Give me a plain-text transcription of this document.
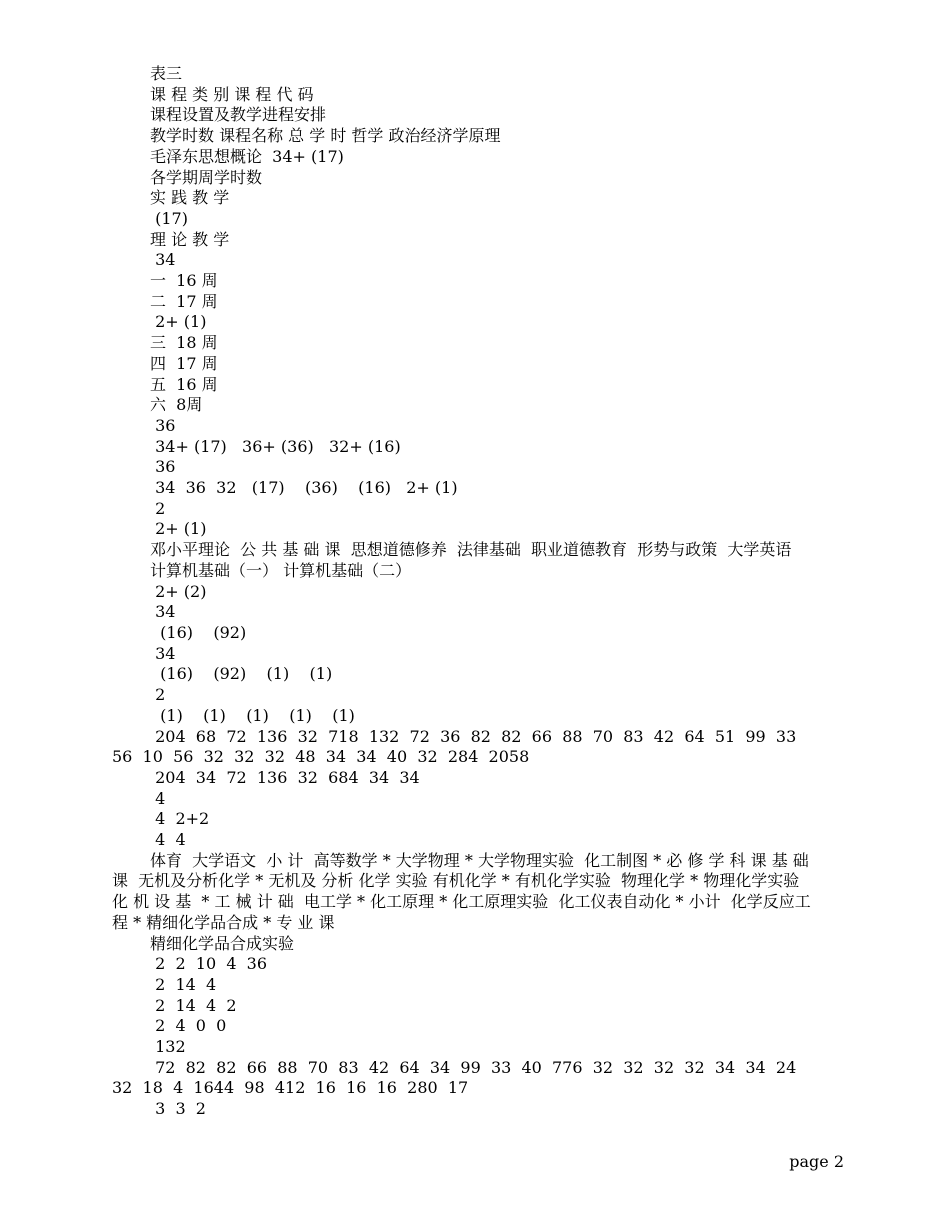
表三

课 程 类 别 课 程 代 码

课程设置及教学进程安排

教学时数 课程名称 总 学 时 哲学 政治经济学原理

毛泽东思想概论  34+ (17)

各学期周学时数

实 践 教 学

(17)

理 论 教 学

34

一  16 周

二  17 周

2+ (1)

三  18 周

四  17 周

五  16 周

六  8周

36

34+ (17)   36+ (36)   32+ (16)

36

34  36  32   (17)    (36)    (16)   2+ (1)

2

2+ (1)

邓小平理论  公 共 基 础 课  思想道德修养  法律基础  职业道德教育  形势与政策  大学英语

计算机基础（一） 计算机基础（二）

2+ (2)

34

(16)    (92)

34

(16)    (92)    (1)    (1)

2

(1)    (1)    (1)    (1)    (1)

204  68  72  136  32  718  132  72  36  82  82  66  88  70  83  42  64  51  99  33  56  10  56  32  32  32  48  34  34  40  32  284  2058

204  34  72  136  32  684  34  34

4

4  2+2

4  4

体育  大学语文  小 计  高等数学 * 大学物理 * 大学物理实验  化工制图 * 必 修 学 科 课 基 础 课  无机及分析化学 * 无机及 分析 化学 实验 有机化学 * 有机化学实验  物理化学 * 物理化学实验  化 机 设 基  * 工 械 计 础  电工学 * 化工原理 * 化工原理实验  化工仪表自动化 * 小计  化学反应工程 * 精细化学品合成 * 专 业 课

精细化学品合成实验

2  2  10  4  36

2  14  4

2  14  4  2

2  4  0  0

132

72  82  82  66  88  70  83  42  64  34  99  33  40  776  32  32  32  32  34  34  24  32  18  4  1644  98  412  16  16  16  280  17

3  3  2

page 2
